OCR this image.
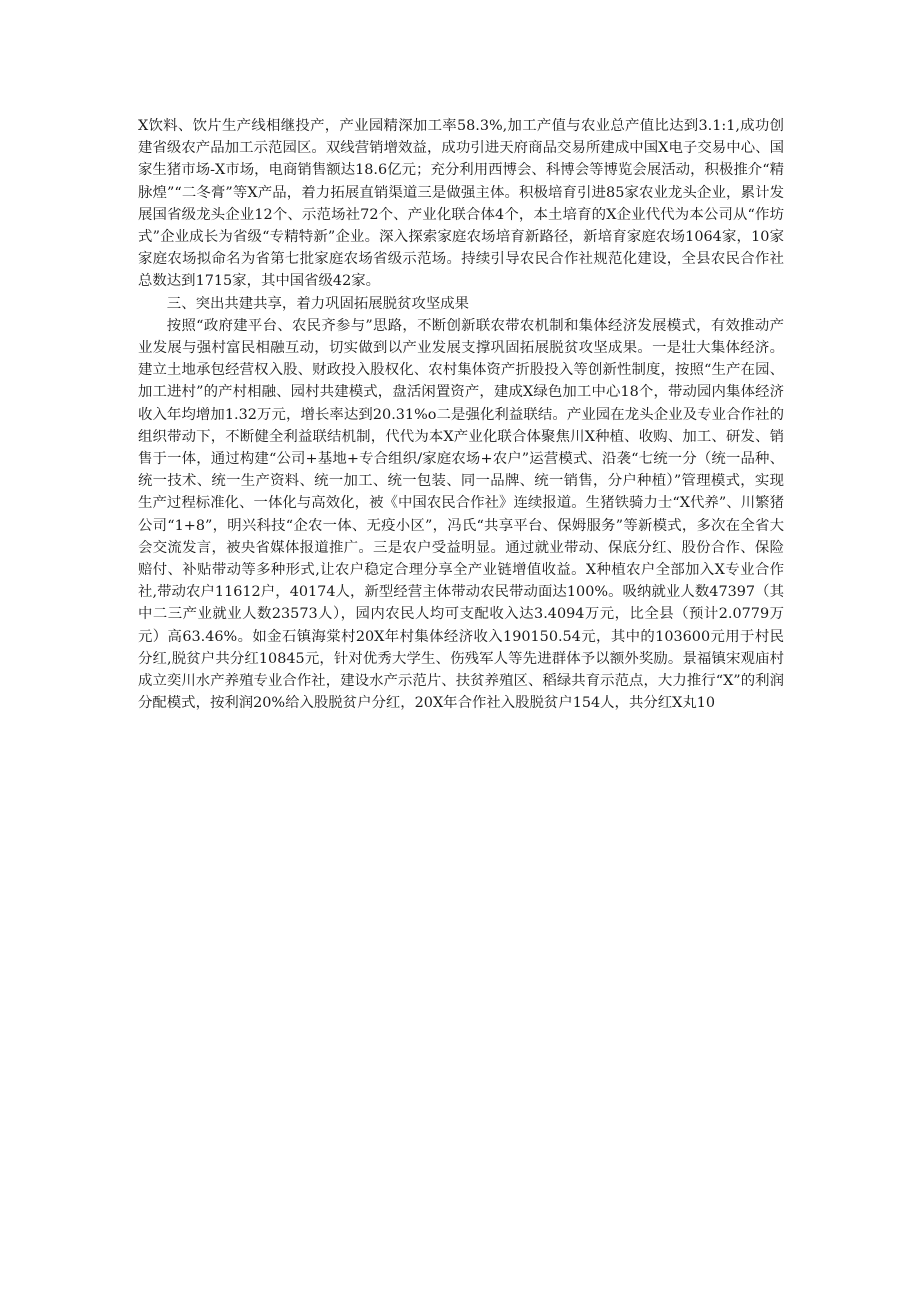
X饮料、饮片生产线相继投产，产业园精深加工率58.3%,加工产值与农业总产值比达到3.1:1,成功创建省级农产品加工示范园区。双线营销增效益，成功引进天府商品交易所建成中国X电子交易中心、国家生猪市场-X市场，电商销售额达18.6亿元；充分利用西博会、科博会等博览会展活动，积极推介“精脉煌”“二冬膏”等X产品，着力拓展直销渠道三是做强主体。积极培育引进85家农业龙头企业，累计发展国省级龙头企业12个、示范场社72个、产业化联合体4个，本土培育的X企业代代为本公司从“作坊式”企业成长为省级“专精特新”企业。深入探索家庭农场培育新路径，新培育家庭农场1064家，10家家庭农场拟命名为省第七批家庭农场省级示范场。持续引导农民合作社规范化建设，全县农民合作社总数达到1715家，其中国省级42家。

三、突出共建共享，着力巩固拓展脱贫攻坚成果

按照“政府建平台、农民齐参与”思路，不断创新联农带农机制和集体经济发展模式，有效推动产业发展与强村富民相融互动，切实做到以产业发展支撑巩固拓展脱贫攻坚成果。一是壮大集体经济。建立土地承包经营权入股、财政投入股权化、农村集体资产折股投入等创新性制度，按照“生产在园、加工进村”的产村相融、园村共建模式，盘活闲置资产，建成X绿色加工中心18个，带动园内集体经济收入年均增加1.32万元，增长率达到20.31%o二是强化利益联结。产业园在龙头企业及专业合作社的组织带动下，不断健全利益联结机制，代代为本X产业化联合体聚焦川X种植、收购、加工、研发、销售于一体，通过构建“公司+基地+专合组织/家庭农场+农户”运营模式、沿袭“七统一分（统一品种、统一技术、统一生产资料、统一加工、统一包装、同一品牌、统一销售，分户种植）”管理模式，实现生产过程标准化、一体化与高效化，被《中国农民合作社》连续报道。生猪铁骑力士“X代养”、川繁猪公司“1+8”，明兴科技“企农一体、无疫小区”，冯氏“共享平台、保姆服务”等新模式，多次在全省大会交流发言，被央省媒体报道推广。三是农户受益明显。通过就业带动、保底分红、股份合作、保险赔付、补贴带动等多种形式,让农户稳定合理分享全产业链增值收益。X种植农户全部加入X专业合作社,带动农户11612户，40174人，新型经营主体带动农民带动面达100%。吸纳就业人数47397（其中二三产业就业人数23573人），园内农民人均可支配收入达3.4094万元，比全县（预计2.0779万元）高63.46%。如金石镇海棠村20X年村集体经济收入190150.54元，其中的103600元用于村民分红,脱贫户共分红10845元，针对优秀大学生、伤残军人等先进群体予以额外奖励。景福镇宋观庙村成立奕川水产养殖专业合作社，建设水产示范片、扶贫养殖区、稻绿共育示范点，大力推行“X”的利润分配模式，按利润20%给入股脱贫户分红，20X年合作社入股脱贫户154人，共分红X丸10
